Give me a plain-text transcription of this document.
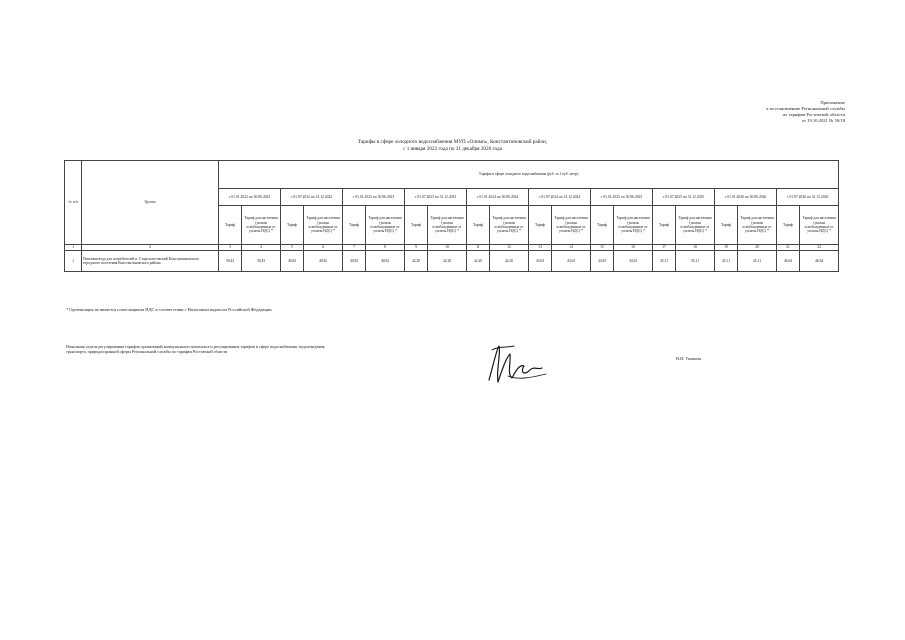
Приложение
к постановлению Региональной службы
по тарифам Ростовской области
от 19.10.2021 № 50/18
Тарифы в сфере холодного водоснабжения МУП «Олимп», Константиновский район,
с 1 января 2022 года по 31 декабря 2026 года
№ п/п	Группа	Тарифы в сфере холодного водоснабжения (руб. за 1 куб. метр)																			
		с 01.01.2022 по 30.06.2022		с 01.07.2022 по 31.12.2022		с 01.01.2023 по 30.06.2023		с 01.07.2023 по 31.12.2023		с 01.01.2024 по 30.06.2024		с 01.07.2024 по 31.12.2024		с 01.01.2025 по 30.06.2025		с 01.07.2025 по 31.12.2025		с 01.01.2026 по 30.06.2026		с 01.07.2026 по 31.12.2026	
		Тариф	Тариф для населения (указан освобожденные от уплаты НДС) *	Тариф	Тариф для населения (указан освобожденные от уплаты НДС) *	Тариф	Тариф для населения (указан освобожденные от уплаты НДС) *	Тариф	Тариф для населения (указан освобожденные от уплаты НДС) *	Тариф	Тариф для населения (указан освобожденные от уплаты НДС) *	Тариф	Тариф для населения (указан освобожденные от уплаты НДС) *	Тариф	Тариф для населения (указан освобожденные от уплаты НДС) *	Тариф	Тариф для населения (указан освобожденные от уплаты НДС) *	Тариф	Тариф для населения (указан освобожденные от уплаты НДС) *	Тариф	Тариф для населения (указан освобожденные от уплаты НДС) *
1	2	3	4	5	6	7	8	9	10	11	12	13	14	15	16	17	18	19	20	21	22
1	Питьевая вода для потребителей п. Старозолотовский Константиновского городского поселения Константиновского района	39,43	39,43	40,82	40,82	40,82	40,82	42,20	42,20	42,20	42,20	43,63	43,63	43,63	43,63	45,11	45,11	45,11	45,11	46,64	46,64
* Организация не является плательщиком НДС в соответствии с Налоговым кодексом Российской Федерации
Начальник отдела регулирования тарифов организаций коммунального комплекса и регулирования тарифов в сфере водоснабжения, водоотведения, транспорта, природоохранной сферы Региональной службы по тарифам Ростовской области
Н.Н. Ушакова
